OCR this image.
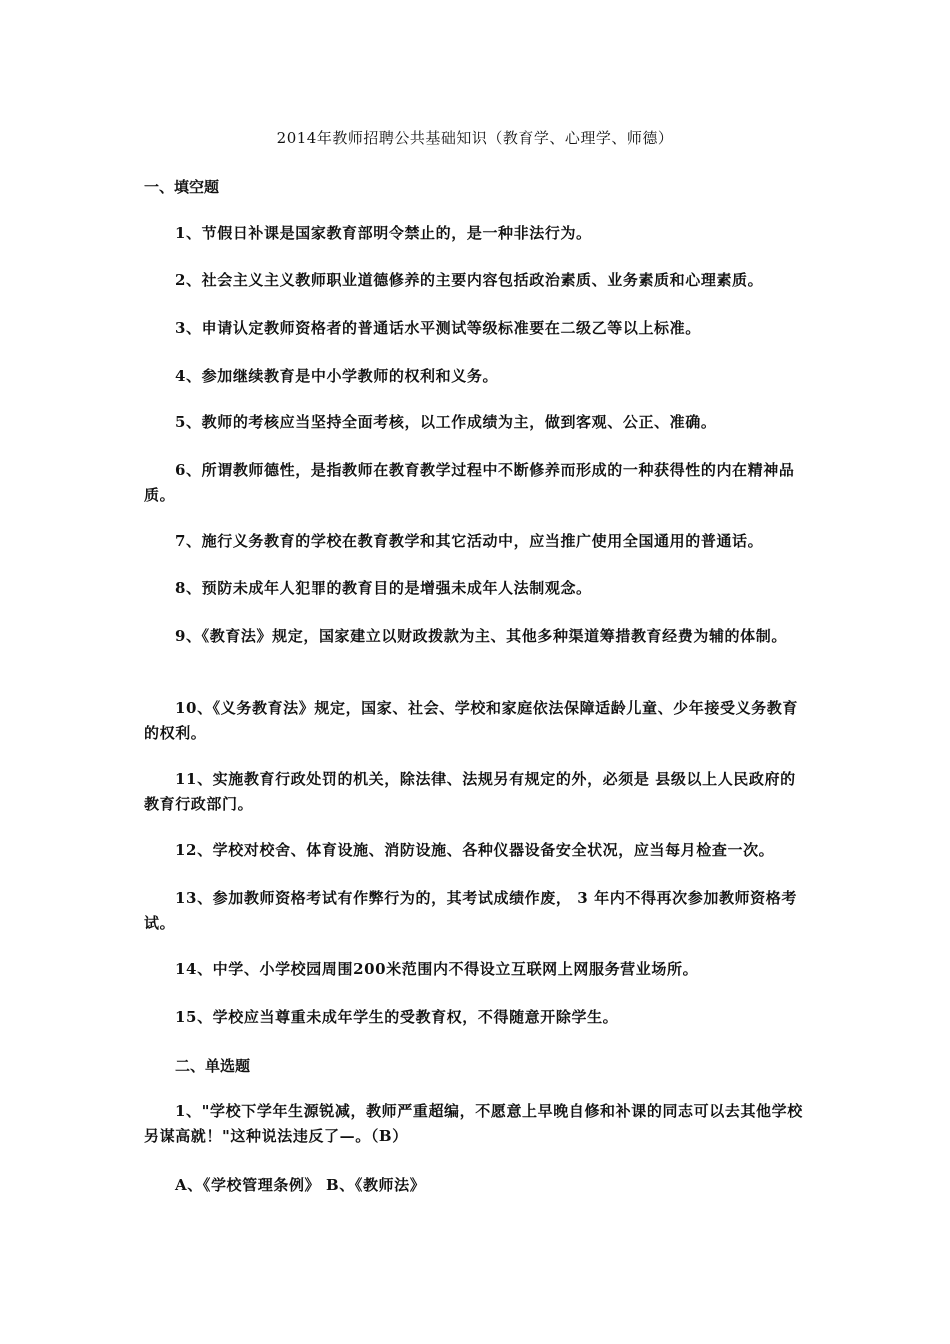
2014年教师招聘公共基础知识（教育学、心理学、师德）
一、填空题
1、节假日补课是国家教育部明令禁止的，是一种非法行为。
2、社会主义主义教师职业道德修养的主要内容包括政治素质、业务素质和心理素质。
3、申请认定教师资格者的普通话水平测试等级标准要在二级乙等以上标准。
4、参加继续教育是中小学教师的权利和义务。
5、教师的考核应当坚持全面考核，以工作成绩为主，做到客观、公正、准确。
6、所谓教师德性，是指教师在教育教学过程中不断修养而形成的一种获得性的内在精神品质。
7、施行义务教育的学校在教育教学和其它活动中，应当推广使用全国通用的普通话。
8、预防未成年人犯罪的教育目的是增强未成年人法制观念。
9、《教育法》规定，国家建立以财政拨款为主、其他多种渠道筹措教育经费为辅的体制。
10、《义务教育法》规定，国家、社会、学校和家庭依法保障适龄儿童、少年接受义务教育的权利。
11、实施教育行政处罚的机关，除法律、法规另有规定的外，必须是 县级以上人民政府的教育行政部门。
12、学校对校舍、体育设施、消防设施、各种仪器设备安全状况，应当每月检查一次。
13、参加教师资格考试有作弊行为的，其考试成绩作废， 3 年内不得再次参加教师资格考试。
14、中学、小学校园周围200米范围内不得设立互联网上网服务营业场所。
15、学校应当尊重未成年学生的受教育权，不得随意开除学生。
二、单选题
1、"学校下学年生源锐减，教师严重超编，不愿意上早晚自修和补课的同志可以去其他学校另谋高就！"这种说法违反了—。（B）
A、《学校管理条例》 B、《教师法》
